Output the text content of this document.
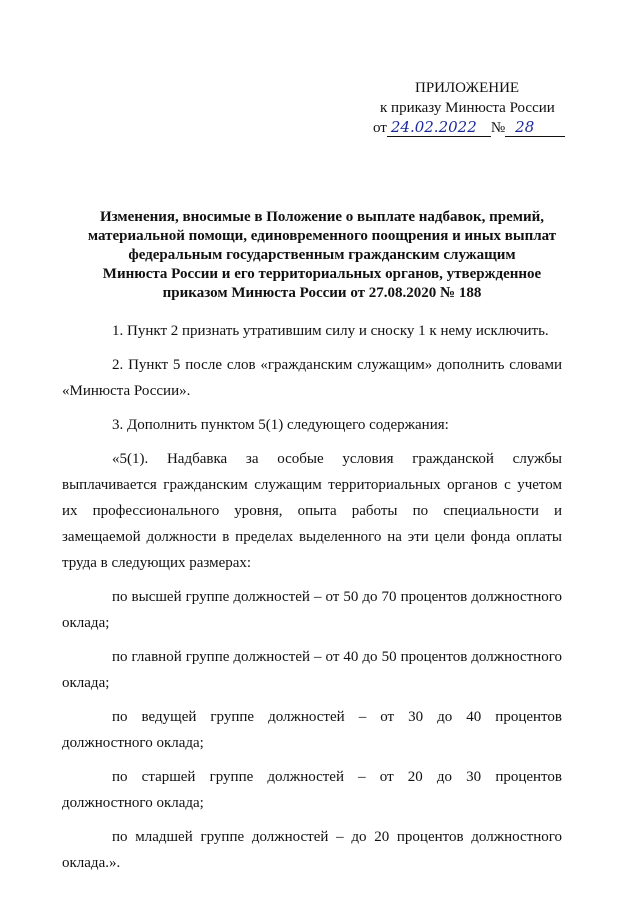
ПРИЛОЖЕНИЕ
к приказу Минюста России
от 24.02.2022 № 28
Изменения, вносимые в Положение о выплате надбавок, премий,
материальной помощи, единовременного поощрения и иных выплат
федеральным государственным гражданским служащим
Минюста России и его территориальных органов, утвержденное
приказом Минюста России от 27.08.2020 № 188

1. Пункт 2 признать утратившим силу и сноску 1 к нему исключить.

2. Пункт 5 после слов «гражданским служащим» дополнить словами «Минюста России».

3. Дополнить пунктом 5(1) следующего содержания:

«5(1). Надбавка за особые условия гражданской службы выплачивается гражданским служащим территориальных органов с учетом их профессионального уровня, опыта работы по специальности и замещаемой должности в пределах выделенного на эти цели фонда оплаты труда в следующих размерах:

по высшей группе должностей – от 50 до 70 процентов должностного оклада;

по главной группе должностей – от 40 до 50 процентов должностного оклада;

по ведущей группе должностей – от 30 до 40 процентов должностного оклада;

по старшей группе должностей – от 20 до 30 процентов должностного оклада;

по младшей группе должностей – до 20 процентов должностного оклада.».
